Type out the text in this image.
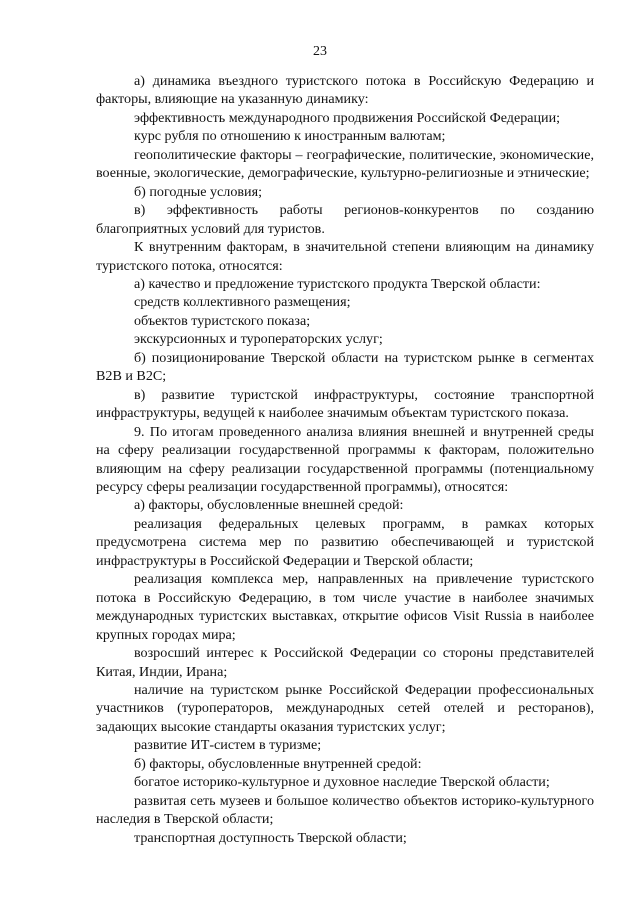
23

а) динамика въездного туристского потока в Российскую Федерацию и факторы, влияющие на указанную динамику:

эффективность международного продвижения Российской Федерации;

курс рубля по отношению к иностранным валютам;

геополитические факторы – географические, политические, экономические, военные, экологические, демографические, культурно-религиозные и этнические;

б) погодные условия;

в) эффективность работы регионов-конкурентов по созданию благоприятных условий для туристов.

К внутренним факторам, в значительной степени влияющим на динамику туристского потока, относятся:

а) качество и предложение туристского продукта Тверской области:

средств коллективного размещения;

объектов туристского показа;

экскурсионных и туроператорских услуг;

б) позиционирование Тверской области на туристском рынке в сегментах B2B и B2C;

в) развитие туристской инфраструктуры, состояние транспортной инфраструктуры, ведущей к наиболее значимым объектам туристского показа.

9. По итогам проведенного анализа влияния внешней и внутренней среды на сферу реализации государственной программы к факторам, положительно влияющим на сферу реализации государственной программы (потенциальному ресурсу сферы реализации государственной программы), относятся:

а) факторы, обусловленные внешней средой:

реализация федеральных целевых программ, в рамках которых предусмотрена система мер по развитию обеспечивающей и туристской инфраструктуры в Российской Федерации и Тверской области;

реализация комплекса мер, направленных на привлечение туристского потока в Российскую Федерацию, в том числе участие в наиболее значимых международных туристских выставках, открытие офисов Visit Russia в наиболее крупных городах мира;

возросший интерес к Российской Федерации со стороны представителей Китая, Индии, Ирана;

наличие на туристском рынке Российской Федерации профессиональных участников (туроператоров, международных сетей отелей и ресторанов), задающих высокие стандарты оказания туристских услуг;

развитие ИТ-систем в туризме;

б) факторы, обусловленные внутренней средой:

богатое историко-культурное и духовное наследие Тверской области;

развитая сеть музеев и большое количество объектов историко-культурного наследия в Тверской области;

транспортная доступность Тверской области;
